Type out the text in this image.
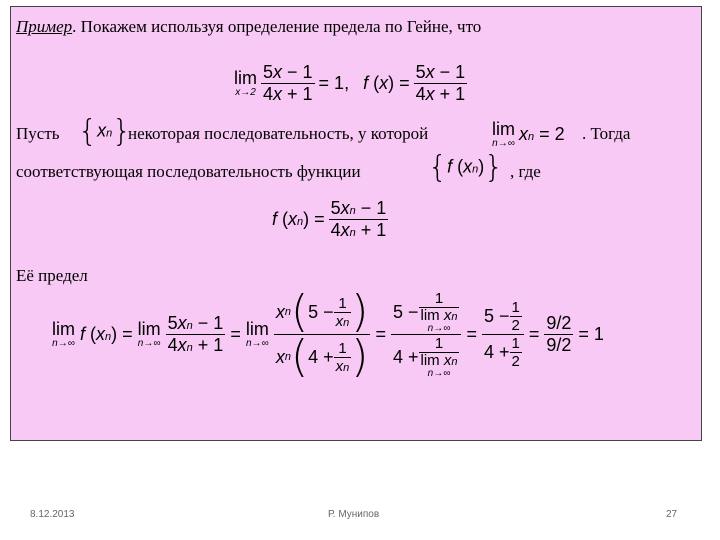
Пример. Покажем используя определение предела по Гейне, что
lim
$x\to 2 \frac{5x - 1}{4x + 1} = 1$, f $(x) = \frac{5x - 1}{4x + 1}$
Пусть {xn}
некоторая последовательность, у которой	lim
n→∞ xn = 2 . Тогда
соответствующая последовательность функции {f (xn)} , где
f $(xn) = \frac{5xn - 1}{4xn + 1}$
Её предел
lim
n→∞ f (xn) = lim
$n\to\infty \frac{5xn - 1}{4xn + 1} = \lim$
$n\to\infty \frac{x n ( 5 - \frac{1}{xn} )}{x n ( 4 + \frac{1}{xn} )} = 5 - 1$
lim xn
n→∞
4 + 1
lim xn
$n\to\infty = \frac{5 - \frac{1}{2}}{4 + \frac{1}{2}} = \frac{9/2}{9/2} = 1$
8.12.2013	Р. Мунипов	27
